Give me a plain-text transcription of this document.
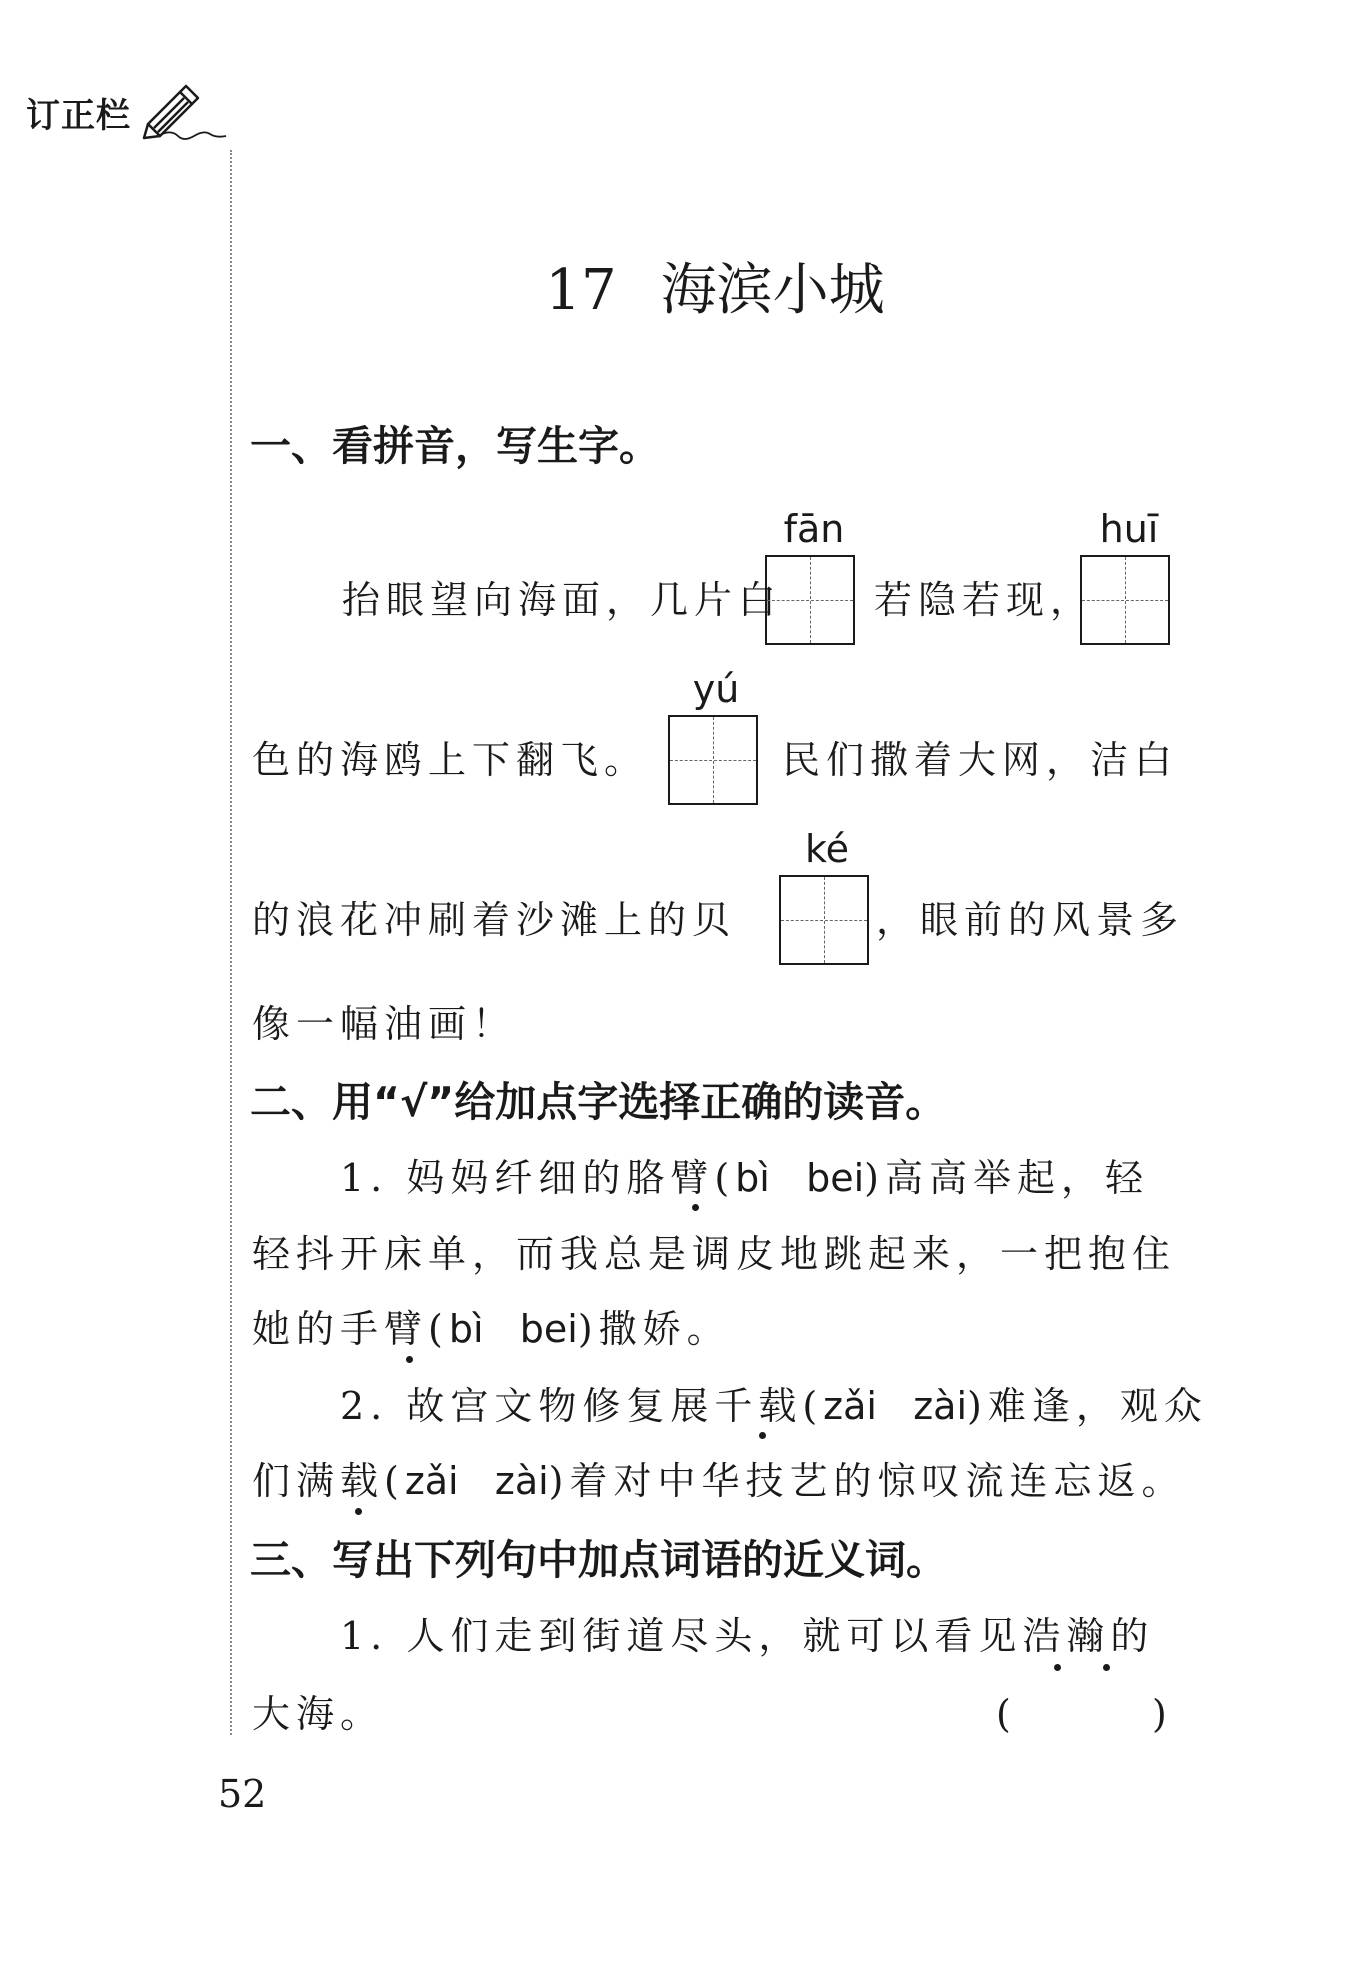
订正栏
17 海滨小城
一、看拼音，写生字。
fān	huī
抬眼望向海面，几片白 若隐若现，
yú
色的海鸥上下翻飞。	民们撒着大网，洁白
ké
的浪花冲刷着沙滩上的贝	，眼前的风景多
像一幅油画！
二、用“√”给加点字选择正确的读音。
1. 妈妈纤细的胳臂(bì bei)高高举起，轻
轻抖开床单，而我总是调皮地跳起来，一把抱住
她的手臂(bì bei)撒娇。
2. 故宫文物修复展千载(zǎi zài)难逢，观众
们满载(zǎi zài)着对中华技艺的惊叹流连忘返。
三、写出下列句中加点词语的近义词。
1. 人们走到街道尽头，就可以看见浩瀚的
大海。	(	)
52
